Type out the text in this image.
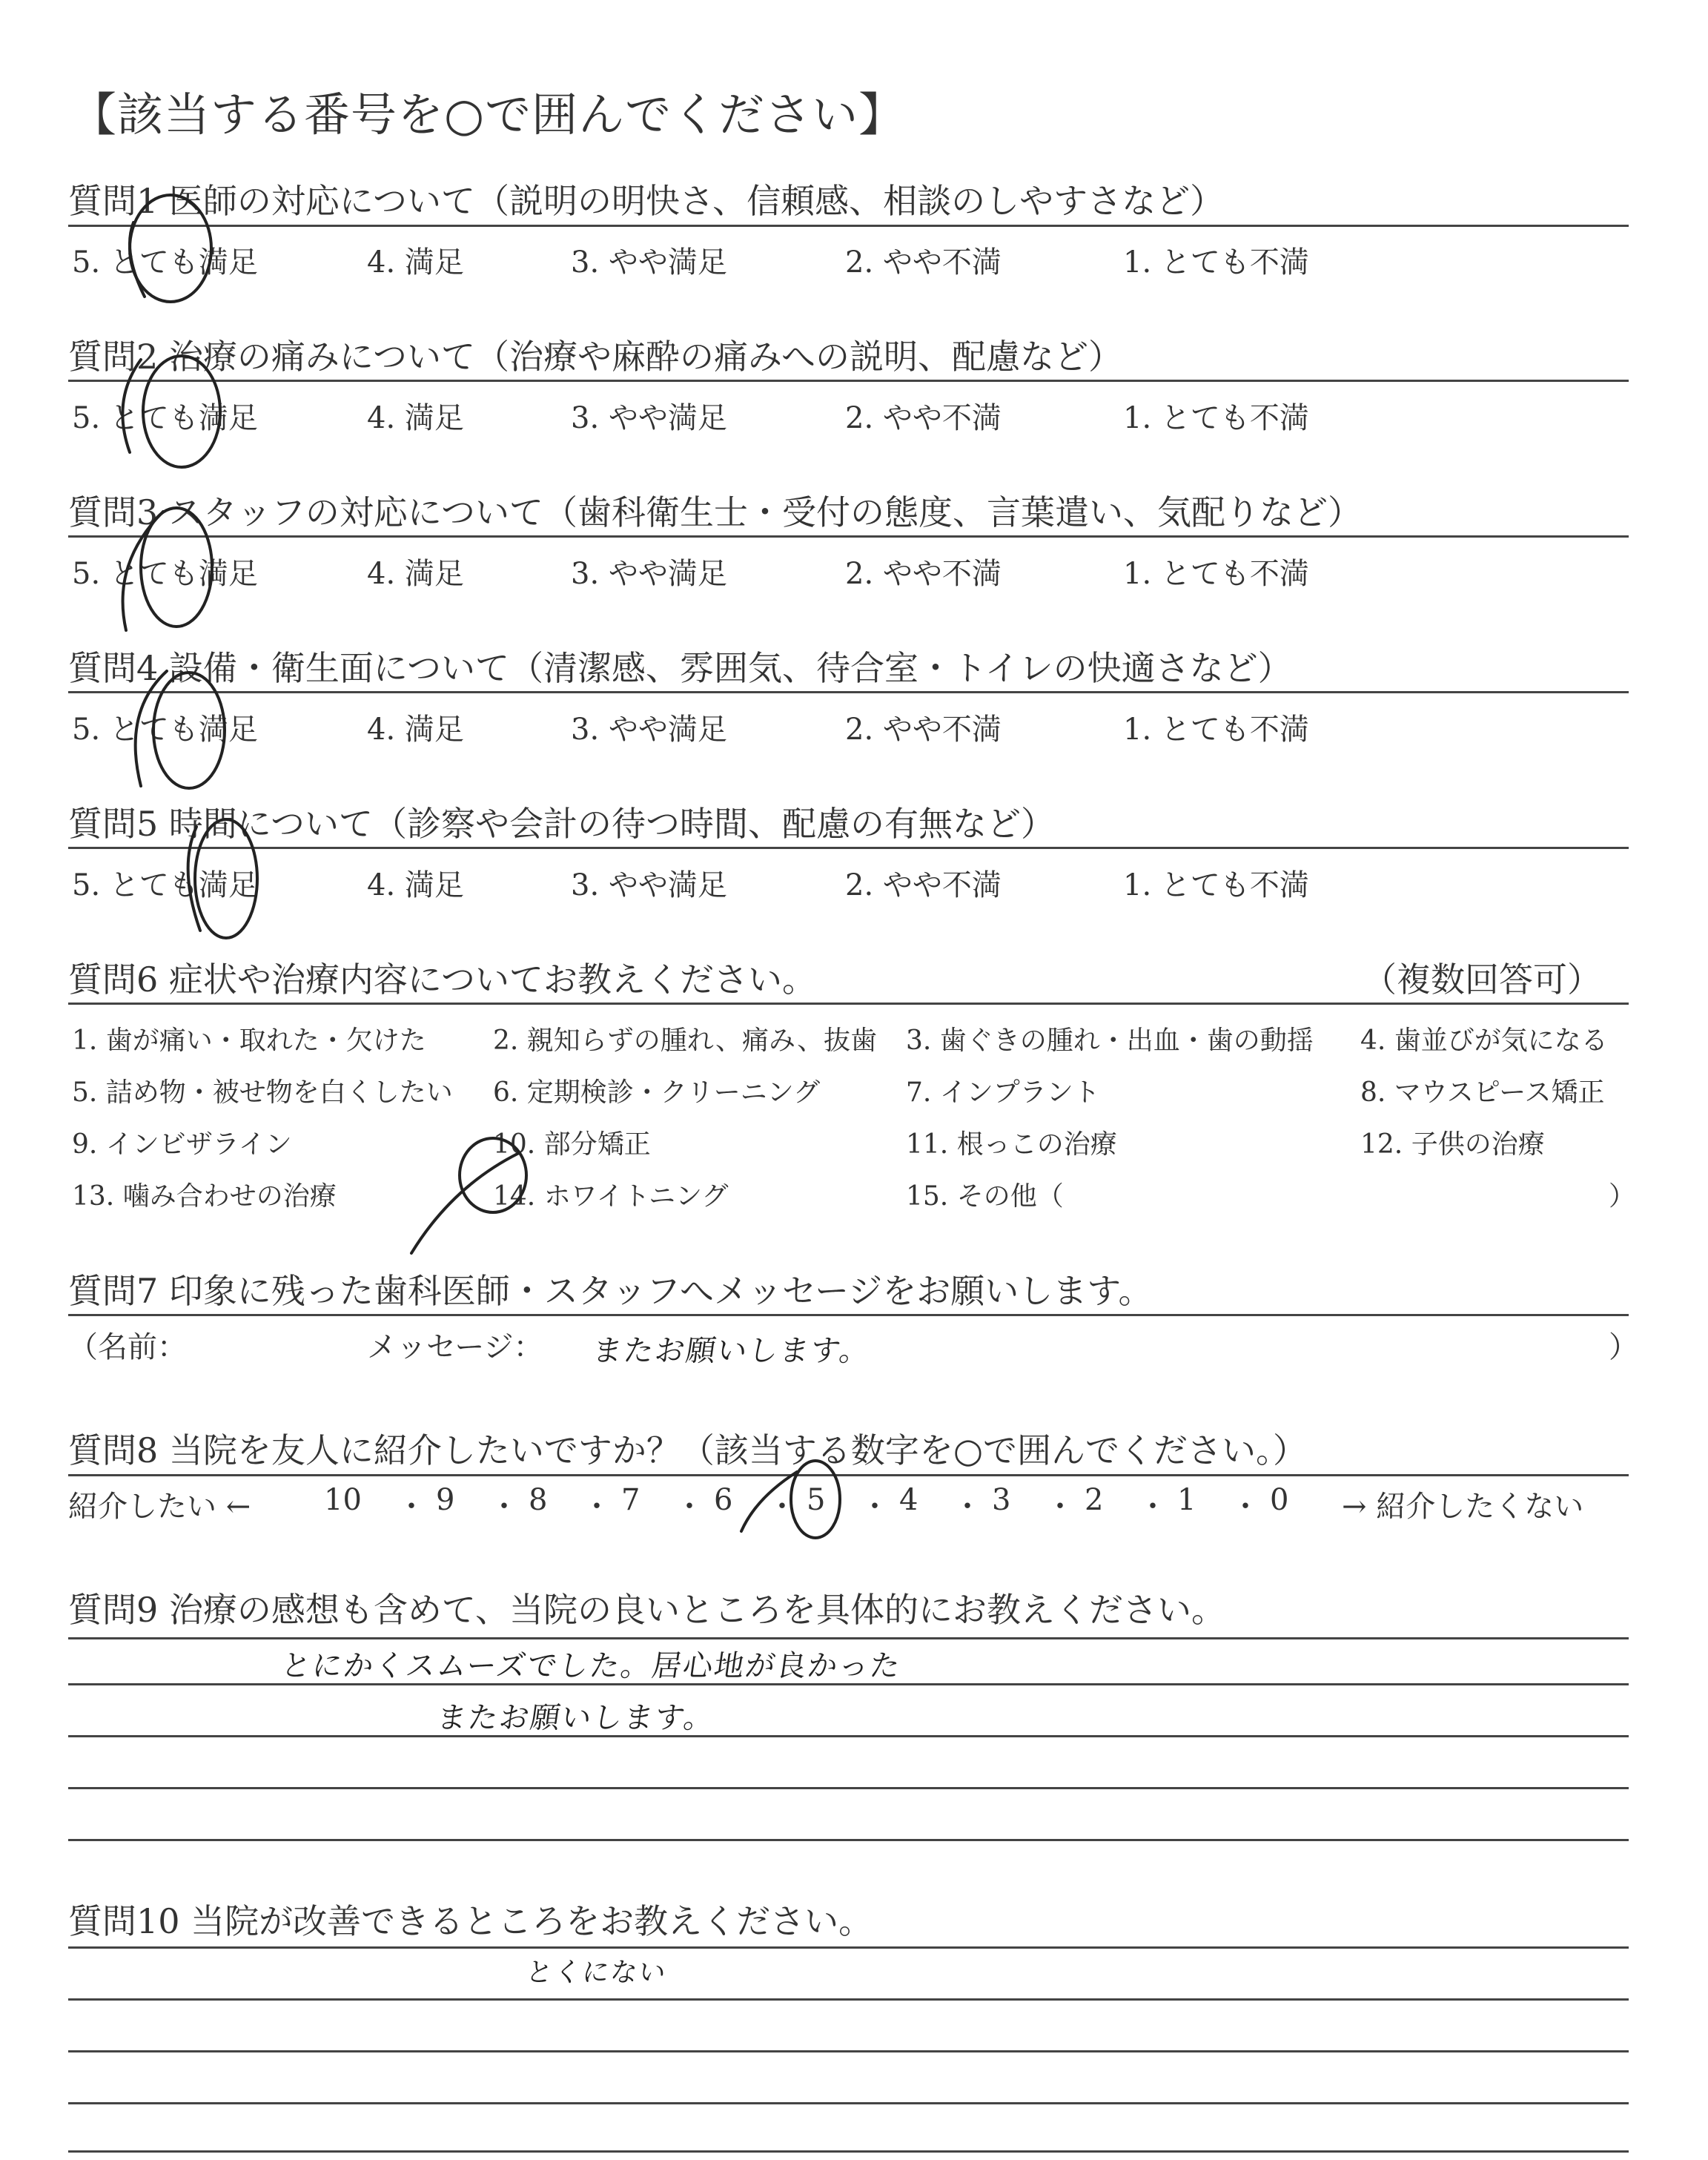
【該当する番号を○で囲んでください】
質問1 医師の対応について（説明の明快さ、信頼感、相談のしやすさなど）
5. とても満足	4. 満足	3. やや満足	2. やや不満	1. とても不満
質問2 治療の痛みについて（治療や麻酔の痛みへの説明、配慮など）
5. とても満足	4. 満足	3. やや満足	2. やや不満	1. とても不満
質問3 スタッフの対応について（歯科衛生士・受付の態度、言葉遣い、気配りなど）
5. とても満足	4. 満足	3. やや満足	2. やや不満	1. とても不満
質問4 設備・衛生面について（清潔感、雰囲気、待合室・トイレの快適さなど）
5. とても満足	4. 満足	3. やや満足	2. やや不満	1. とても不満
質問5 時間について（診察や会計の待つ時間、配慮の有無など）
5. とても満足	4. 満足	3. やや満足	2. やや不満	1. とても不満
質問6 症状や治療内容についてお教えください。	（複数回答可）
1. 歯が痛い・取れた・欠けた	2. 親知らずの腫れ、痛み、抜歯 3. 歯ぐきの腫れ・出血・歯の動揺 4. 歯並びが気になる
5. 詰め物・被せ物を白くしたい 6. 定期検診・クリーニング	7. インプラント	8. マウスピース矯正
9. インビザライン	10. 部分矯正	11. 根っこの治療	12. 子供の治療
13. 噛み合わせの治療	14. ホワイトニング	15. その他（	）
質問7 印象に残った歯科医師・スタッフへメッセージをお願いします。
（名前：	メッセージ： またお願いします。	）
質問8 当院を友人に紹介したいですか？（該当する数字を○で囲んでください。）
紹介したい ← 10 ・ 9 ・ 8 ・ 7 ・ 6 ・ 5 ・ 4 ・ 3 ・ 2 ・ 1 ・ 0 → 紹介したくない
質問9 治療の感想も含めて、当院の良いところを具体的にお教えください。
とにかくスムーズでした。居心地が良かった
またお願いします。
質問10 当院が改善できるところをお教えください。
とくにない
